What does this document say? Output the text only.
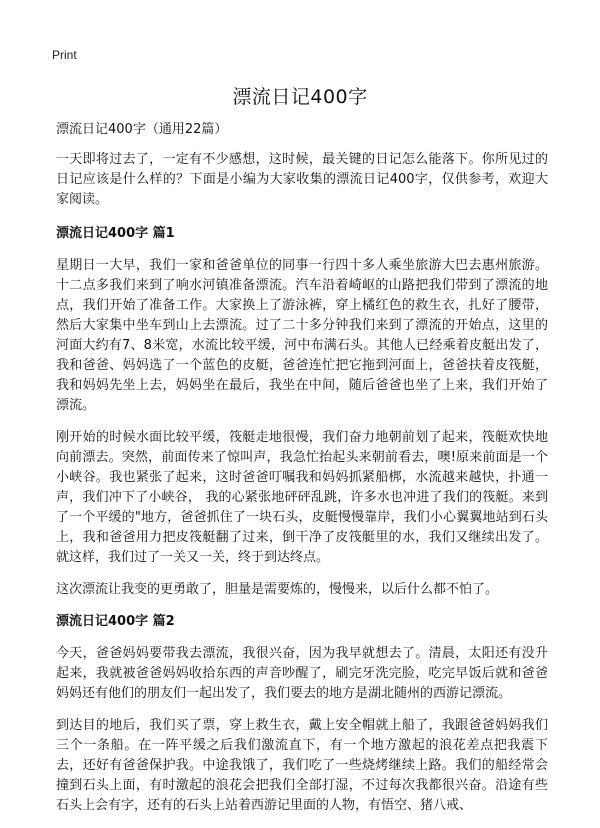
Print
漂流日记400字

漂流日记400字（通用22篇）

一天即将过去了，一定有不少感想，这时候，最关键的日记怎么能落下。你所见过的日记应该是什么样的？下面是小编为大家收集的漂流日记400字，仅供参考，欢迎大家阅读。

漂流日记400字 篇1

星期日一大早，我们一家和爸爸单位的同事一行四十多人乘坐旅游大巴去惠州旅游。十二点多我们来到了响水河镇准备漂流。汽车沿着崎岖的山路把我们带到了漂流的地点，我们开始了准备工作。大家换上了游泳裤，穿上橘红色的救生衣，扎好了腰带，然后大家集中坐车到山上去漂流。过了二十多分钟我们来到了漂流的开始点，这里的河面大约有7、8米宽，水流比较平缓，河中布满石头。其他人已经乘着皮艇出发了，我和爸爸、妈妈选了一个蓝色的皮艇，爸爸连忙把它拖到河面上，爸爸扶着皮筏艇，我和妈妈先坐上去，妈妈坐在最后，我坐在中间，随后爸爸也坐了上来，我们开始了漂流。

刚开始的时候水面比较平缓，筏艇走地很慢，我们奋力地朝前划了起来，筏艇欢快地向前漂去。突然，前面传来了惊叫声，我急忙抬起头来朝前看去，噢!原来前面是一个小峡谷。我也紧张了起来，这时爸爸叮嘱我和妈妈抓紧船梆，水流越来越快，扑通一声，我们冲下了小峡谷， 我的心紧张地砰砰乱跳，许多水也冲进了我们的筏艇。来到了一个平缓的"地方，爸爸抓住了一块石头，皮艇慢慢靠岸，我们小心翼翼地站到石头上，我和爸爸用力把皮筏艇翻了过来，倒干净了皮筏艇里的水，我们又继续出发了。就这样，我们过了一关又一关，终于到达终点。

这次漂流让我变的更勇敢了，胆量是需要炼的，慢慢来，以后什么都不怕了。

漂流日记400字 篇2

今天，爸爸妈妈要带我去漂流，我很兴奋，因为我早就想去了。清晨，太阳还有没升起来，我就被爸爸妈妈收拾东西的声音吵醒了，刷完牙洗完脸，吃完早饭后就和爸爸妈妈还有他们的朋友们一起出发了，我们要去的地方是湖北随州的西游记漂流。

到达目的地后，我们买了票，穿上救生衣，戴上安全帽就上船了，我跟爸爸妈妈我们三个一条船。在一阵平缓之后我们激流直下，有一个地方激起的浪花差点把我震下去，还好有爸爸保护我。中途我饿了，我们吃了一些烧烤继续上路。我们的船经常会撞到石头上面，有时激起的浪花会把我们全部打湿，不过每次我都很兴奋。沿途有些石头上会有字，还有的石头上站着西游记里面的人物，有悟空、猪八戒、
